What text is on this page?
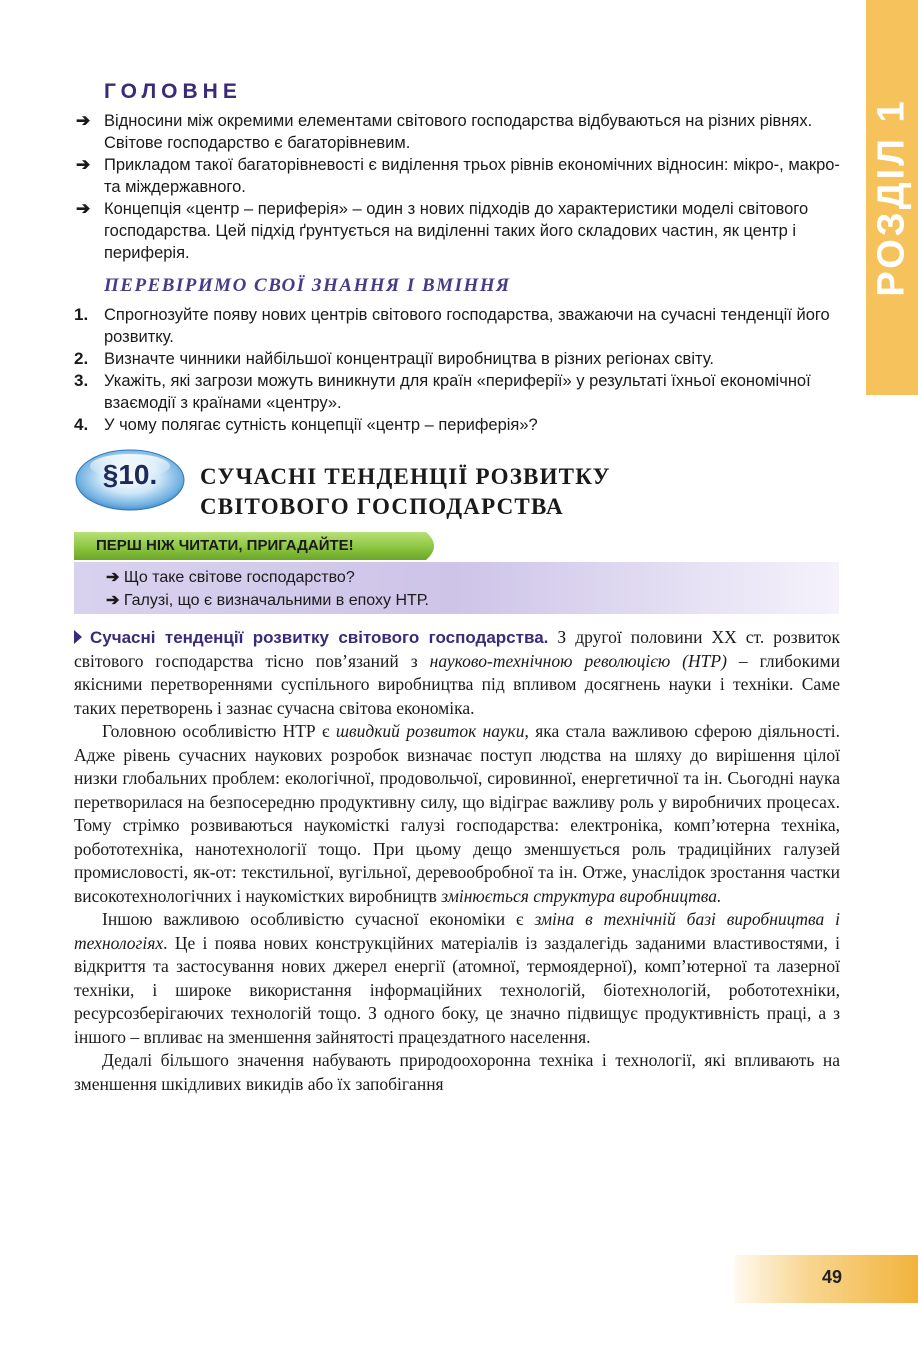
РОЗДІЛ 1
ГОЛОВНЕ
➔ Відносини між окремими елементами світового господарства відбуваються на різних рівнях. Світове господарство є багаторівневим.
➔ Прикладом такої багаторівневості є виділення трьох рівнів економічних відносин: мікро-, макро- та міждержавного.
➔ Концепція «центр – периферія» – один з нових підходів до характеристики моделі світового господарства. Цей підхід ґрунтується на виділенні таких його складових частин, як центр і периферія.
ПЕРЕВІРИМО СВОЇ ЗНАННЯ І ВМІННЯ
1. Спрогнозуйте появу нових центрів світового господарства, зважаючи на сучасні тенденції його розвитку.
2. Визначте чинники найбільшої концентрації виробництва в різних регіонах світу.
3. Укажіть, які загрози можуть виникнути для країн «периферії» у результаті їхньої економічної взаємодії з країнами «центру».
4. У чому полягає сутність концепції «центр – периферія»?
§10.	СУЧАСНІ ТЕНДЕНЦІЇ РОЗВИТКУ
СВІТОВОГО ГОСПОДАРСТВА
ПЕРШ НІЖ ЧИТАТИ, ПРИГАДАЙТЕ!
➔ Що таке світове господарство?
➔ Галузі, що є визначальними в епоху НТР.

Сучасні тенденції розвитку світового господарства. З другої половини ХХ ст. розвиток світового господарства тісно пов’язаний з науково-технічною революцією (НТР) – глибокими якісними перетвореннями суспільного виробництва під впливом досягнень науки і техніки. Саме таких перетворень і зазнає сучасна світова економіка.

Головною особливістю НТР є швидкий розвиток науки, яка стала важливою сферою діяльності. Адже рівень сучасних наукових розробок визначає поступ людства на шляху до вирішення цілої низки глобальних проблем: екологічної, продовольчої, сировинної, енергетичної та ін. Сьогодні наука перетворилася на безпосередню продуктивну силу, що відіграє важливу роль у виробничих процесах. Тому стрімко розвиваються наукомісткі галузі господарства: електроніка, комп’ютерна техніка, робототехніка, нанотехнології тощо. При цьому дещо зменшується роль традиційних галузей промисловості, як-от: текстильної, вугільної, деревообробної та ін. Отже, унаслідок зростання частки високотехнологічних і наукомістких виробництв змінюється структура виробництва.

Іншою важливою особливістю сучасної економіки є зміна в технічній базі виробництва і технологіях. Це і поява нових конструкційних матеріалів із заздалегідь заданими властивостями, і відкриття та застосування нових джерел енергії (атомної, термоядерної), комп’ютерної та лазерної техніки, і широке використання інформаційних технологій, біотехнологій, робототехніки, ресурсозберігаючих технологій тощо. З одного боку, це значно підвищує продуктивність праці, а з іншого – впливає на зменшення зайнятості працездатного населення.

Дедалі більшого значення набувають природоохоронна техніка і технології, які впливають на зменшення шкідливих викидів або їх запобігання

49
